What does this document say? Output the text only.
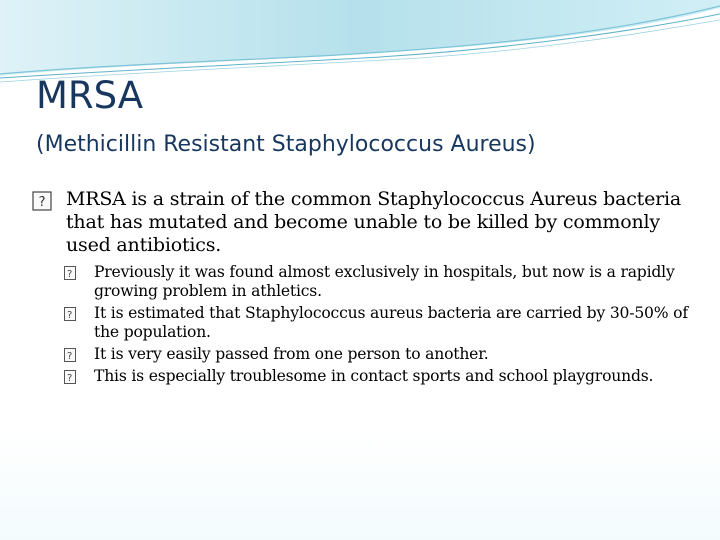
MRSA
(Methicillin Resistant Staphylococcus Aureus)
? MRSA is a strain of the common Staphylococcus Aureus bacteria that has mutated and become unable to be killed by commonly used antibiotics.
?
Previously it was found almost exclusively in hospitals, but now is a rapidly growing problem in athletics.
?
It is estimated that Staphylococcus aureus bacteria are carried by 30-50% of the population.
?
It is very easily passed from one person to another.
?
This is especially troublesome in contact sports and school playgrounds.
